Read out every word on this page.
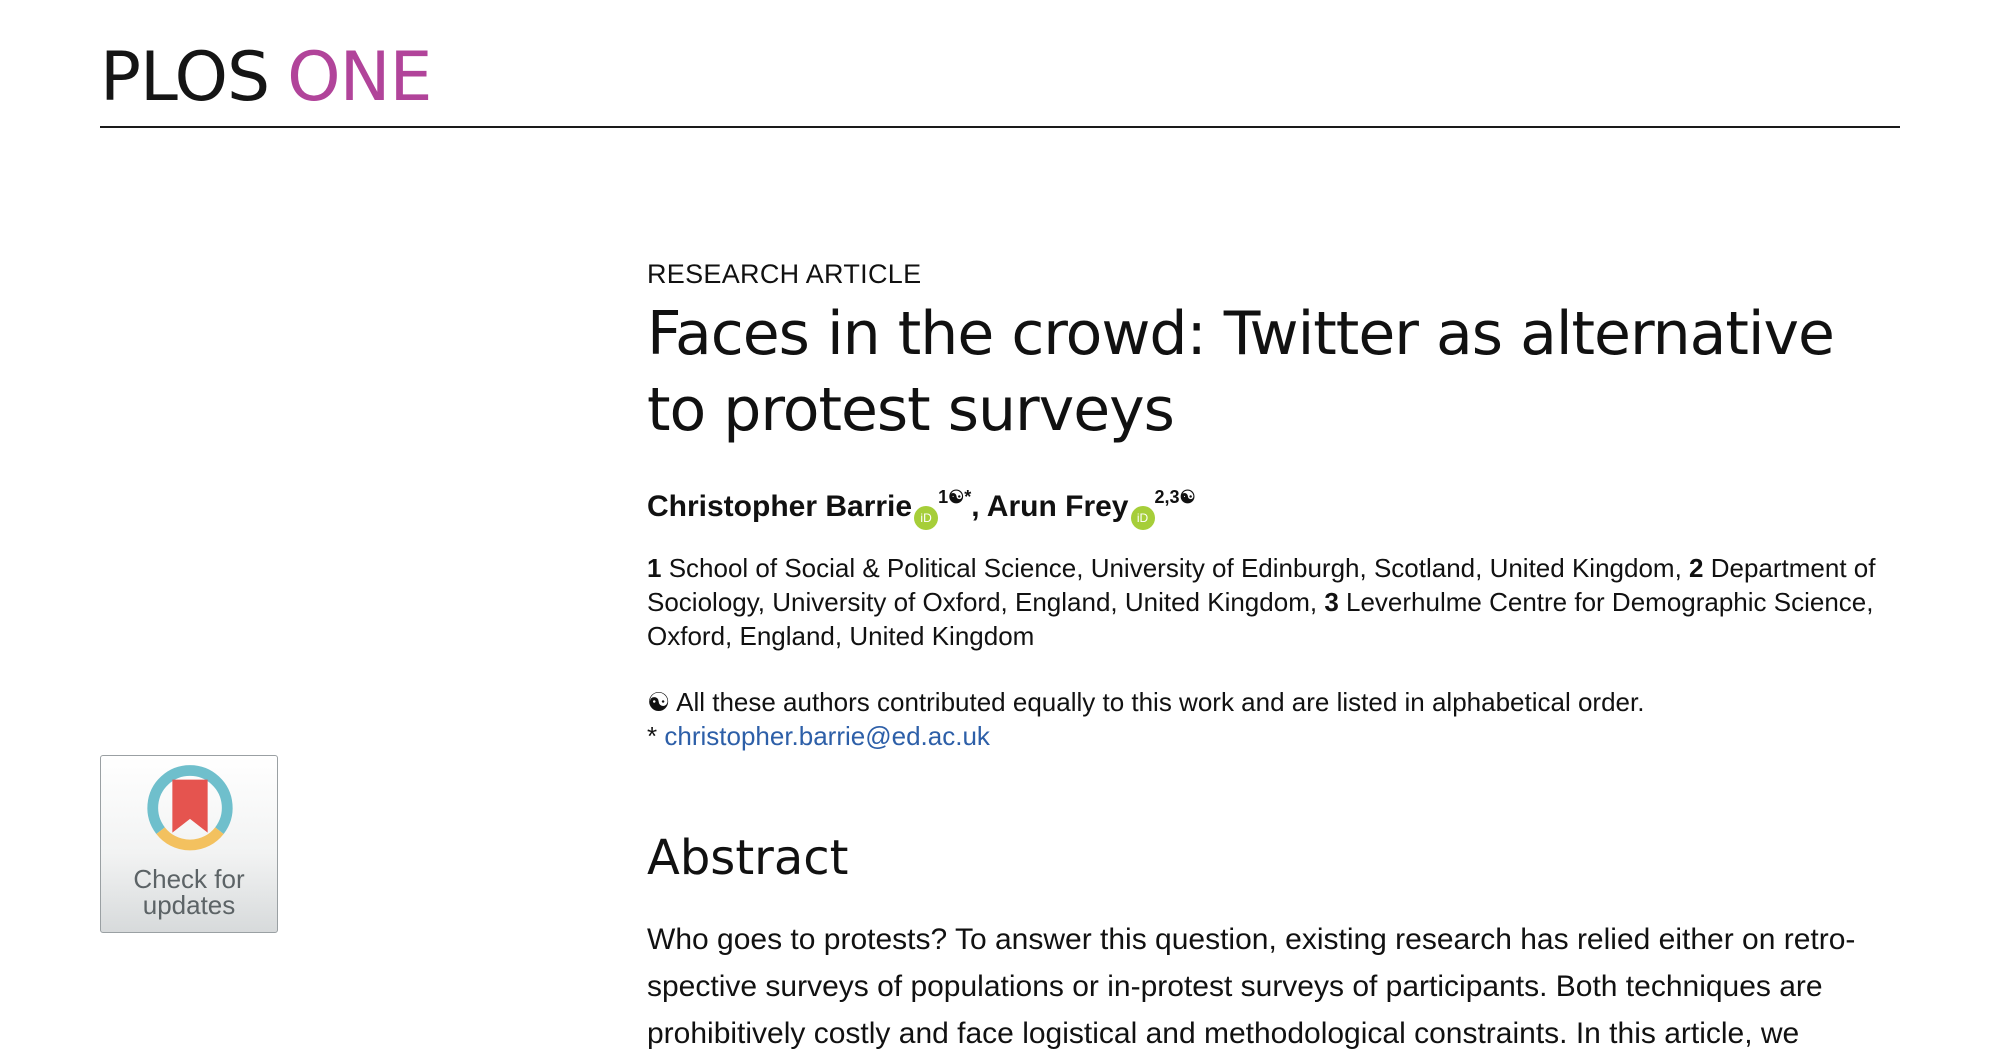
PLOS ONE
RESEARCH ARTICLE
Faces in the crowd: Twitter as alternative to protest surveys
Christopher Barrie $iD^{1☯*}$, Arun Frey $iD^{2,3☯}$
1 School of Social & Political Science, University of Edinburgh, Scotland, United Kingdom, 2 Department of Sociology, University of Oxford, England, United Kingdom, 3 Leverhulme Centre for Demographic Science, Oxford, England, United Kingdom
☯ All these authors contributed equally to this work and are listed in alphabetical order.
* christopher.barrie@ed.ac.uk
Abstract
Who goes to protests? To answer this question, existing research has relied either on retro-spective surveys of populations or in-protest surveys of participants. Both techniques are prohibitively costly and face logistical and methodological constraints. In this article, we
Check for
updates
